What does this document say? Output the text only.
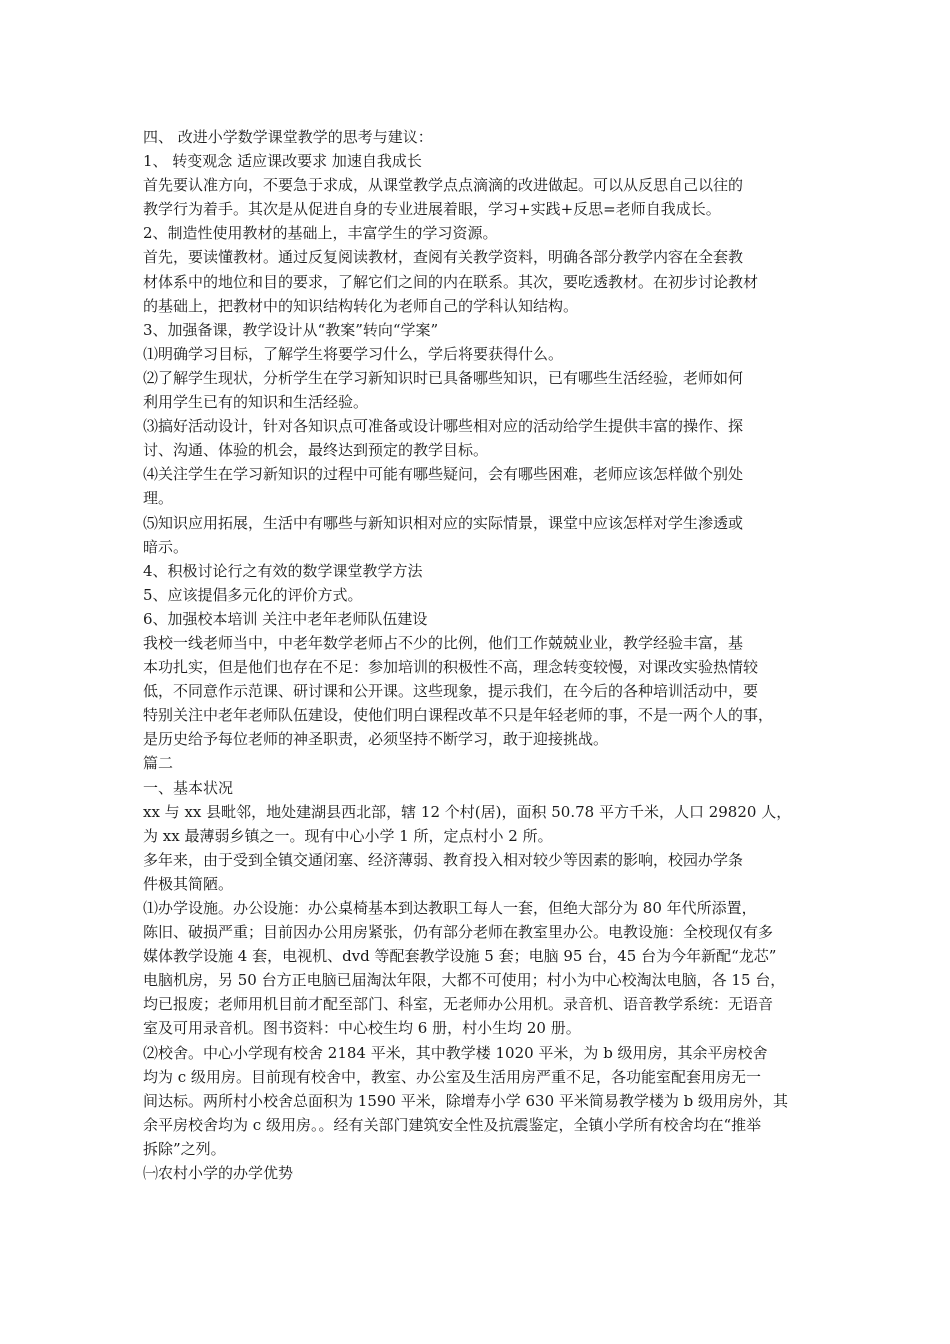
四、 改进小学数学课堂教学的思考与建议：
1、 转变观念 适应课改要求 加速自我成长
首先要认准方向，不要急于求成，从课堂教学点点滴滴的改进做起。可以从反思自己以往的
教学行为着手。其次是从促进自身的专业进展着眼，学习+实践+反思=老师自我成长。
2、制造性使用教材的基础上，丰富学生的学习资源。
首先，要读懂教材。通过反复阅读教材，查阅有关教学资料，明确各部分教学内容在全套教
材体系中的地位和目的要求，了解它们之间的内在联系。其次，要吃透教材。在初步讨论教材
的基础上，把教材中的知识结构转化为老师自己的学科认知结构。
3、加强备课，教学设计从“教案”转向“学案”
⑴明确学习目标，了解学生将要学习什么，学后将要获得什么。
⑵了解学生现状，分析学生在学习新知识时已具备哪些知识，已有哪些生活经验，老师如何
利用学生已有的知识和生活经验。
⑶搞好活动设计，针对各知识点可准备或设计哪些相对应的活动给学生提供丰富的操作、探
讨、沟通、体验的机会，最终达到预定的教学目标。
⑷关注学生在学习新知识的过程中可能有哪些疑问，会有哪些困难，老师应该怎样做个别处
理。
⑸知识应用拓展，生活中有哪些与新知识相对应的实际情景，课堂中应该怎样对学生渗透或
暗示。
4、积极讨论行之有效的数学课堂教学方法
5、应该提倡多元化的评价方式。
6、加强校本培训 关注中老年老师队伍建设
我校一线老师当中，中老年数学老师占不少的比例，他们工作兢兢业业，教学经验丰富，基
本功扎实，但是他们也存在不足：参加培训的积极性不高，理念转变较慢，对课改实验热情较
低，不同意作示范课、研讨课和公开课。这些现象，提示我们，在今后的各种培训活动中，要
特别关注中老年老师队伍建设，使他们明白课程改革不只是年轻老师的事，不是一两个人的事，
是历史给予每位老师的神圣职责，必须坚持不断学习，敢于迎接挑战。
篇二
一、基本状况
xx 与 xx 县毗邻，地处建湖县西北部，辖 12 个村(居)，面积 50.78 平方千米，人口 29820 人，
为 xx 最薄弱乡镇之一。现有中心小学 1 所，定点村小 2 所。
多年来，由于受到全镇交通闭塞、经济薄弱、教育投入相对较少等因素的影响，校园办学条
件极其简陋。
⑴办学设施。办公设施：办公桌椅基本到达教职工每人一套，但绝大部分为 80 年代所添置，
陈旧、破损严重；目前因办公用房紧张，仍有部分老师在教室里办公。电教设施：全校现仅有多
媒体教学设施 4 套，电视机、dvd 等配套教学设施 5 套；电脑 95 台，45 台为今年新配“龙芯”
电脑机房，另 50 台方正电脑已届淘汰年限，大都不可使用；村小为中心校淘汰电脑，各 15 台，
均已报废；老师用机目前才配至部门、科室，无老师办公用机。录音机、语音教学系统：无语音
室及可用录音机。图书资料：中心校生均 6 册，村小生均 20 册。
⑵校舍。中心小学现有校舍 2184 平米，其中教学楼 1020 平米，为 b 级用房，其余平房校舍
均为 c 级用房。目前现有校舍中，教室、办公室及生活用房严重不足，各功能室配套用房无一
间达标。两所村小校舍总面积为 1590 平米，除增寿小学 630 平米简易教学楼为 b 级用房外，其
余平房校舍均为 c 级用房。。经有关部门建筑安全性及抗震鉴定，全镇小学所有校舍均在“推举
拆除”之列。
㈠农村小学的办学优势
